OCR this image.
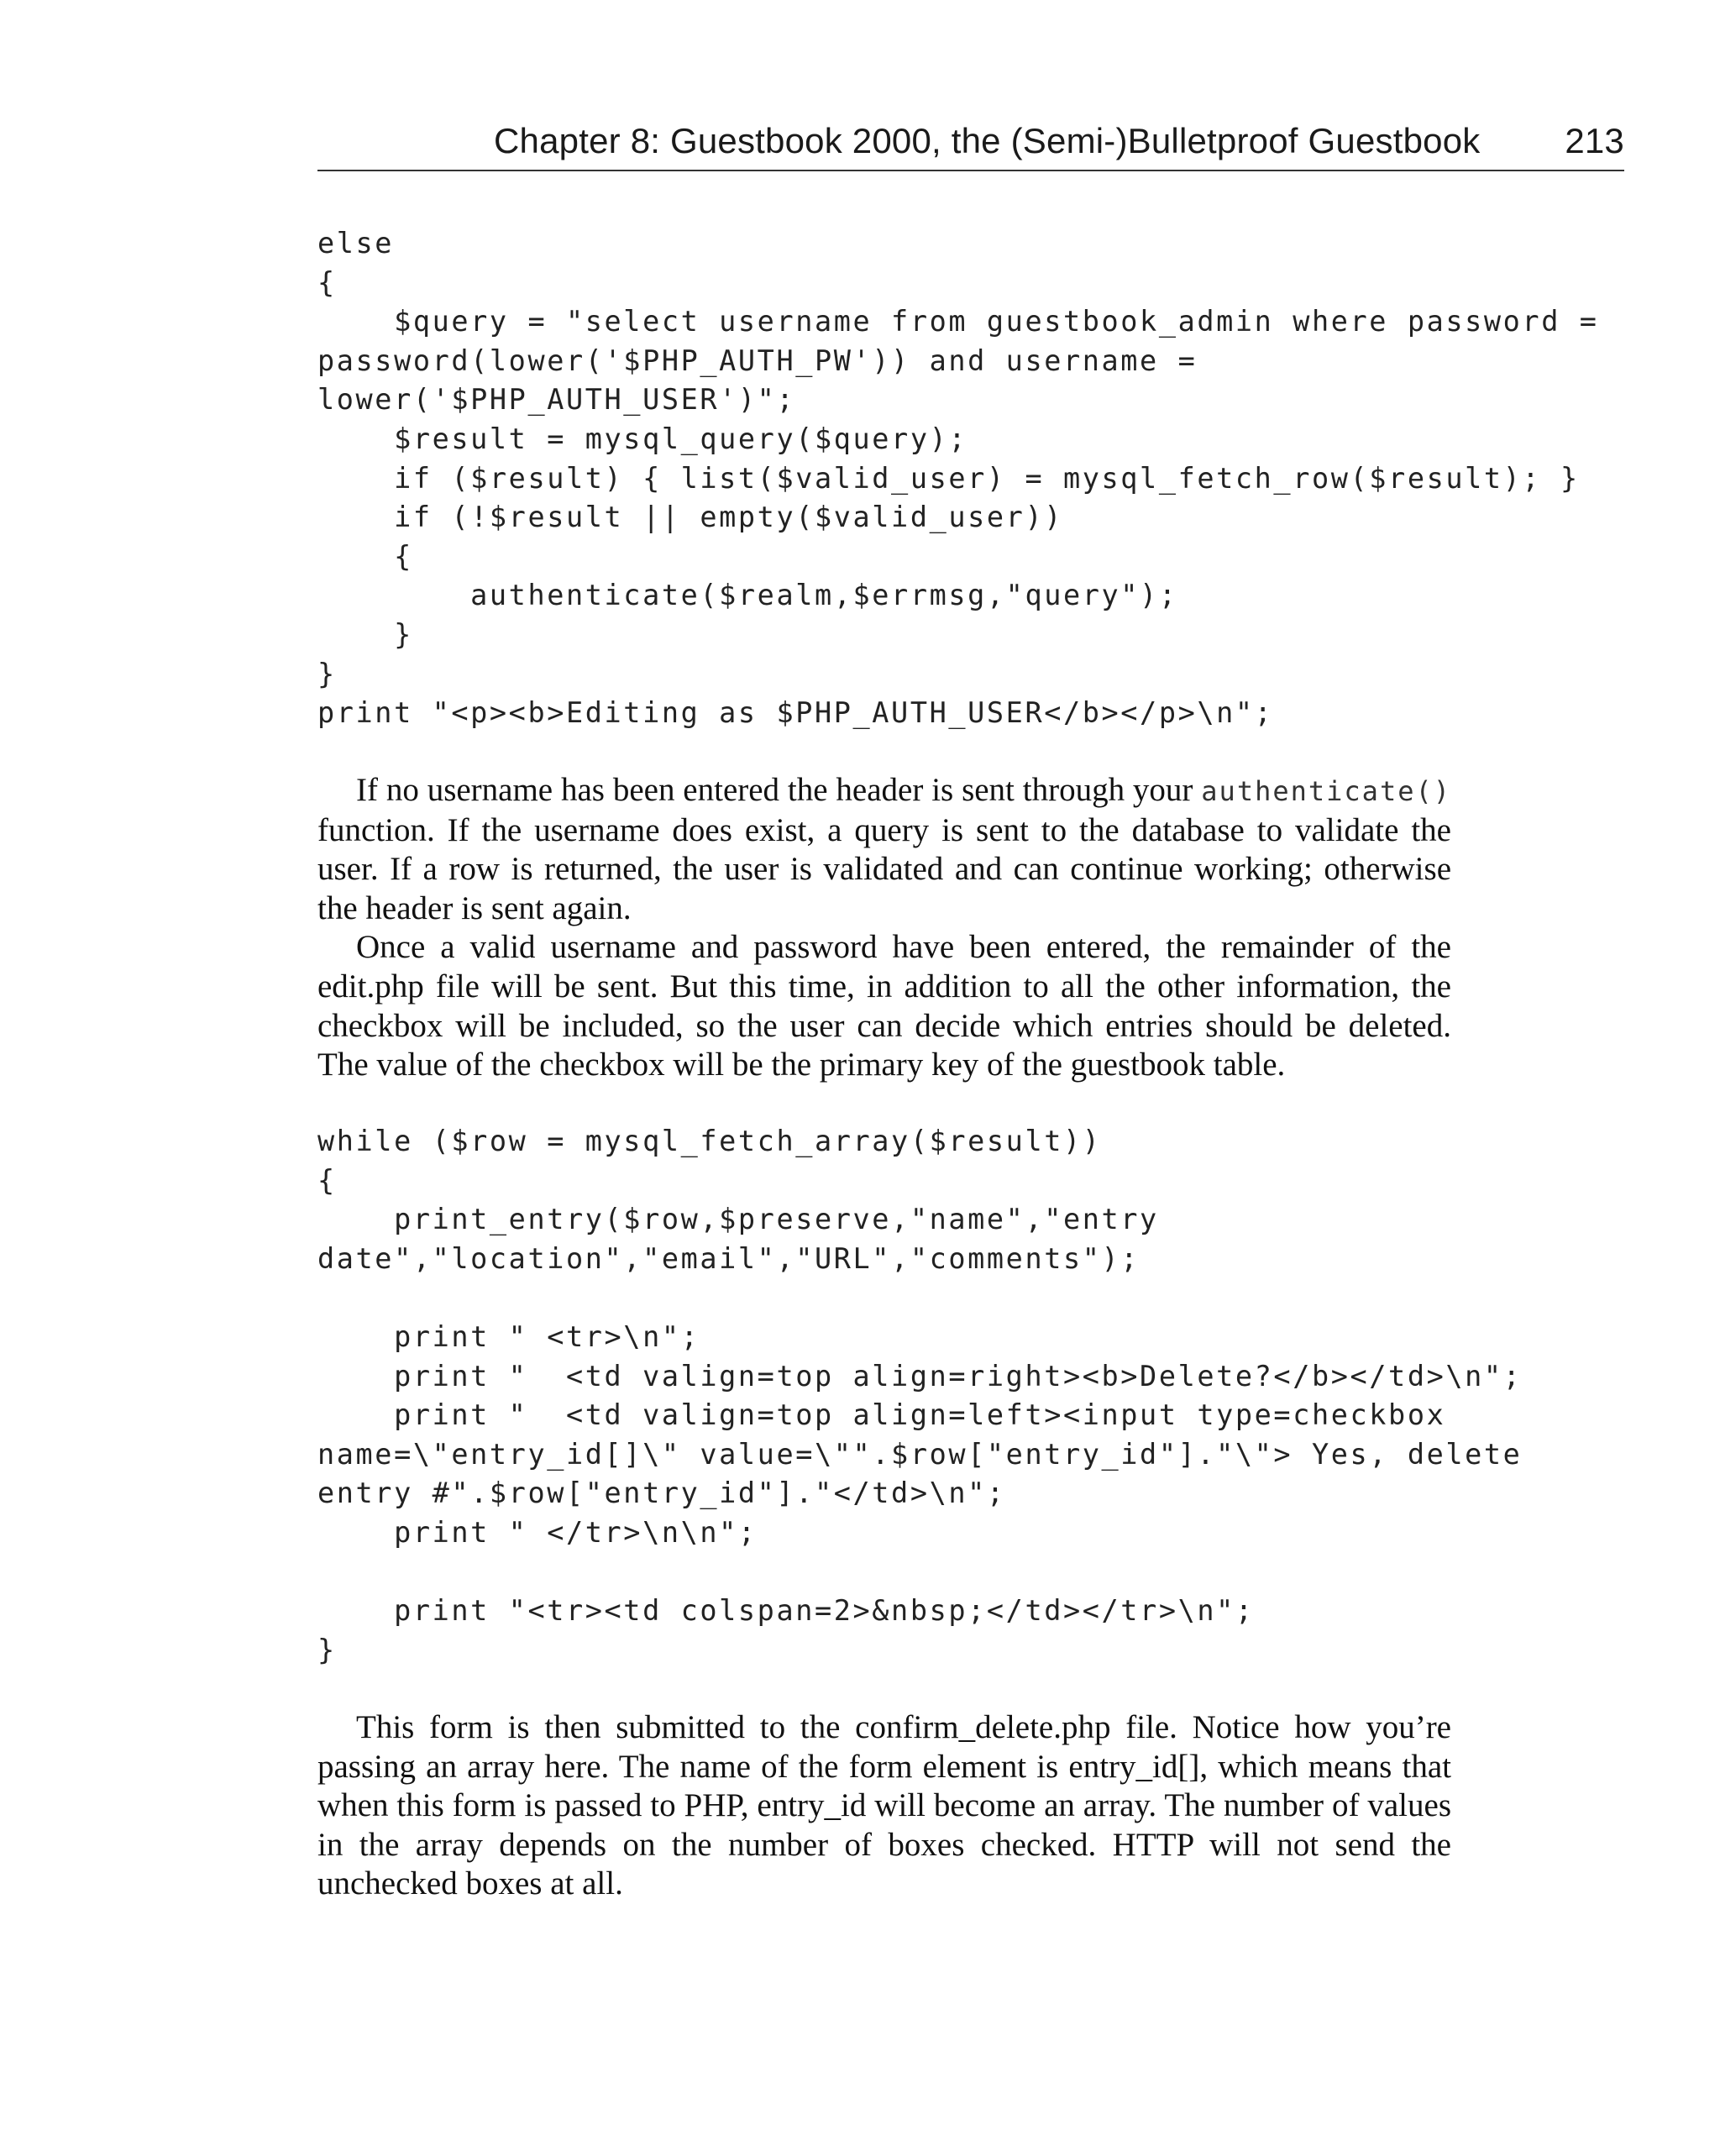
Chapter 8: Guestbook 2000, the (Semi-)Bulletproof Guestbook 213
else
{
$query = "select username from guestbook_admin where password =
password(lower('$PHP_AUTH_PW')) and username =
lower('$PHP_AUTH_USER')";
$result = mysql_query($query);
if ($result) { list($valid_user) = mysql_fetch_row($result); }
if (!$result || empty($valid_user))
{
authenticate($realm,$errmsg,"query");
}
}
print "<p><b>Editing as $PHP_AUTH_USER</b></p>\n";

If no username has been entered the header is sent through your authenticate() function. If the username does exist, a query is sent to the database to validate the user. If a row is returned, the user is validated and can continue working; otherwise the header is sent again.

Once a valid username and password have been entered, the remainder of the edit.php file will be sent. But this time, in addition to all the other information, the checkbox will be included, so the user can decide which entries should be deleted. The value of the checkbox will be the primary key of the guestbook table.

while ($row = mysql_fetch_array($result))
{
print_entry($row,$preserve,"name","entry
date","location","email","URL","comments");
print " <tr>\n";
print "  <td valign=top align=right><b>Delete?</b></td>\n";
print "  <td valign=top align=left><input type=checkbox
name=\"entry_id[]\" value=\"".$row["entry_id"]."\"> Yes, delete
entry #".$row["entry_id"]."</td>\n";
print " </tr>\n\n";
print "<tr><td colspan=2>&nbsp;</td></tr>\n";
}

This form is then submitted to the confirm_delete.php file. Notice how you’re passing an array here. The name of the form element is entry_id[], which means that when this form is passed to PHP, entry_id will become an array. The number of values in the array depends on the number of boxes checked. HTTP will not send the unchecked boxes at all.
